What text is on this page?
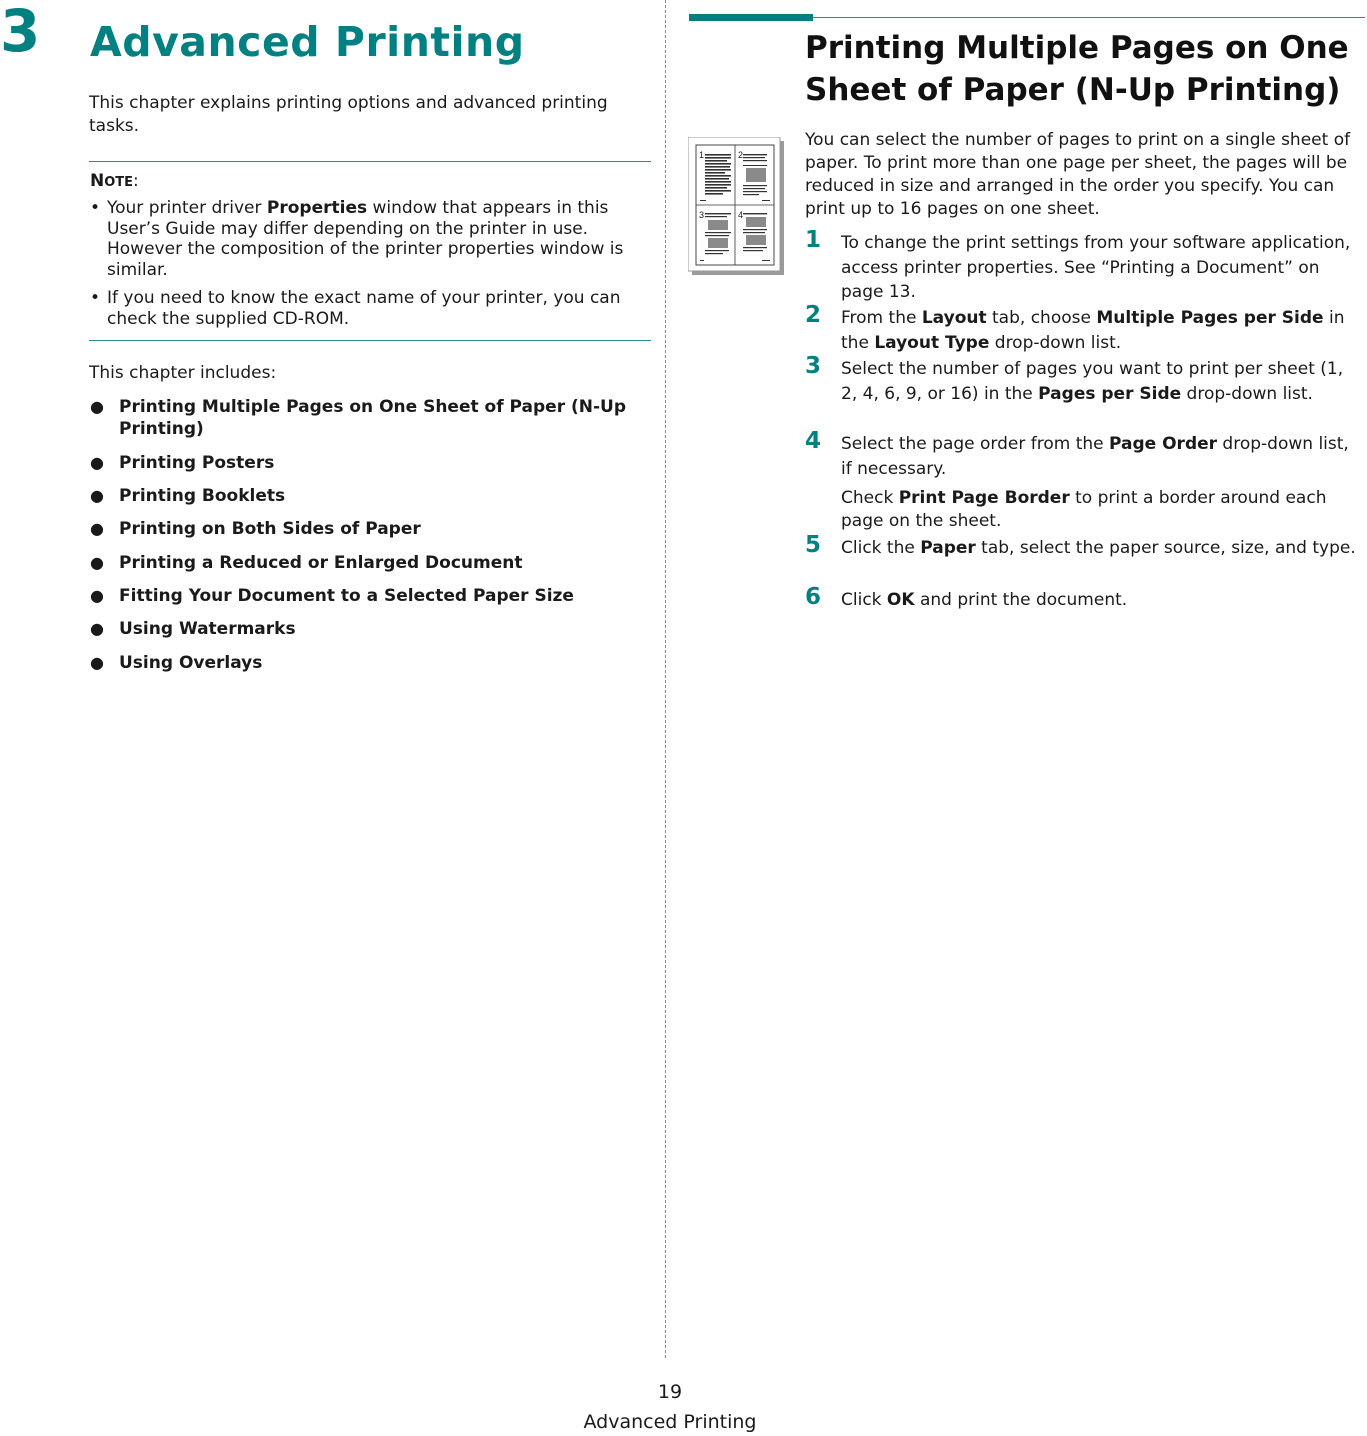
3 Advanced Printing
This chapter explains printing options and advanced printing tasks.
NOTE:
• Your printer driver Properties window that appears in this User’s Guide may differ depending on the printer in use. However the composition of the printer properties window is similar.
• If you need to know the exact name of your printer, you can check the supplied CD-ROM.
This chapter includes:
● Printing Multiple Pages on One Sheet of Paper (N-Up Printing)
● Printing Posters
● Printing Booklets
● Printing on Both Sides of Paper
● Printing a Reduced or Enlarged Document
● Fitting Your Document to a Selected Paper Size
● Using Watermarks
● Using Overlays
Printing Multiple Pages on One Sheet of Paper (N-Up Printing)
1	2
3	4
You can select the number of pages to print on a single sheet of paper. To print more than one page per sheet, the pages will be reduced in size and arranged in the order you specify. You can print up to 16 pages on one sheet.
1	To change the print settings from your software application, access printer properties. See “Printing a Document” on page 13.
2	From the Layout tab, choose Multiple Pages per Side in the Layout Type drop-down list.
3	Select the number of pages you want to print per sheet (1, 2, 4, 6, 9, or 16) in the Pages per Side drop-down list.
4	Select the page order from the Page Order drop-down list, if necessary.
Check Print Page Border to print a border around each page on the sheet.
5	Click the Paper tab, select the paper source, size, and type.
6	Click OK and print the document.
19
Advanced Printing
